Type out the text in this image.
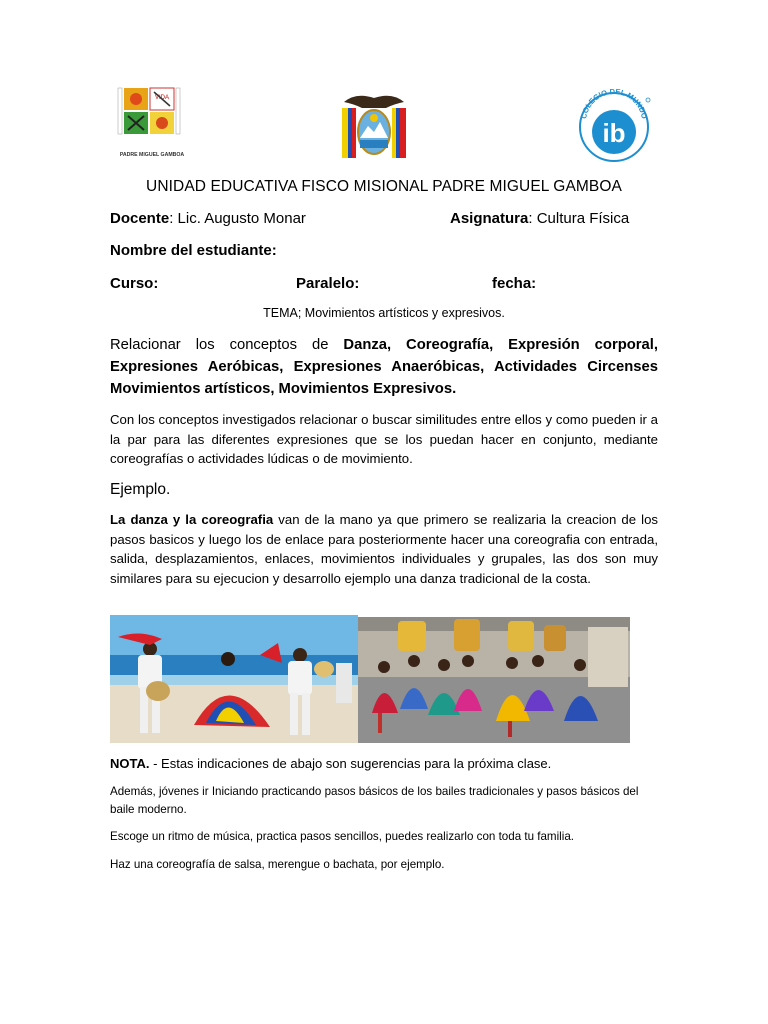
VIDA
PADRE MIGUEL GAMBOA
ib
COLEGIO DEL MUNDO
UNIDAD EDUCATIVA FISCO MISIONAL PADRE MIGUEL GAMBOA
Docente: Lic. Augusto Monar	Asignatura: Cultura Física
Nombre del estudiante:
Curso:	Paralelo:	fecha:
TEMA; Movimientos artísticos y expresivos.
Relacionar los conceptos de Danza, Coreografía, Expresión corporal, Expresiones Aeróbicas, Expresiones Anaeróbicas, Actividades Circenses Movimientos artísticos, Movimientos Expresivos.
Con los conceptos investigados relacionar o buscar similitudes entre ellos y como pueden ir a la par para las diferentes expresiones que se los puedan hacer en conjunto, mediante coreografías o actividades lúdicas o de movimiento.
Ejemplo.
La danza y la coreografia van de la mano ya que primero se realizaria la creacion de los pasos basicos y luego los de enlace para posteriormente hacer una coreografia con entrada, salida, desplazamientos, enlaces, movimientos individuales y grupales, las dos son muy similares para su ejecucion y desarrollo ejemplo una danza tradicional de la costa.
NOTA. - Estas indicaciones de abajo son sugerencias para la próxima clase.
Además, jóvenes ir Iniciando practicando pasos básicos de los bailes tradicionales y pasos básicos del baile moderno.
Escoge un ritmo de música, practica pasos sencillos, puedes realizarlo con toda tu familia.
Haz una coreografía de salsa, merengue o bachata, por ejemplo.
